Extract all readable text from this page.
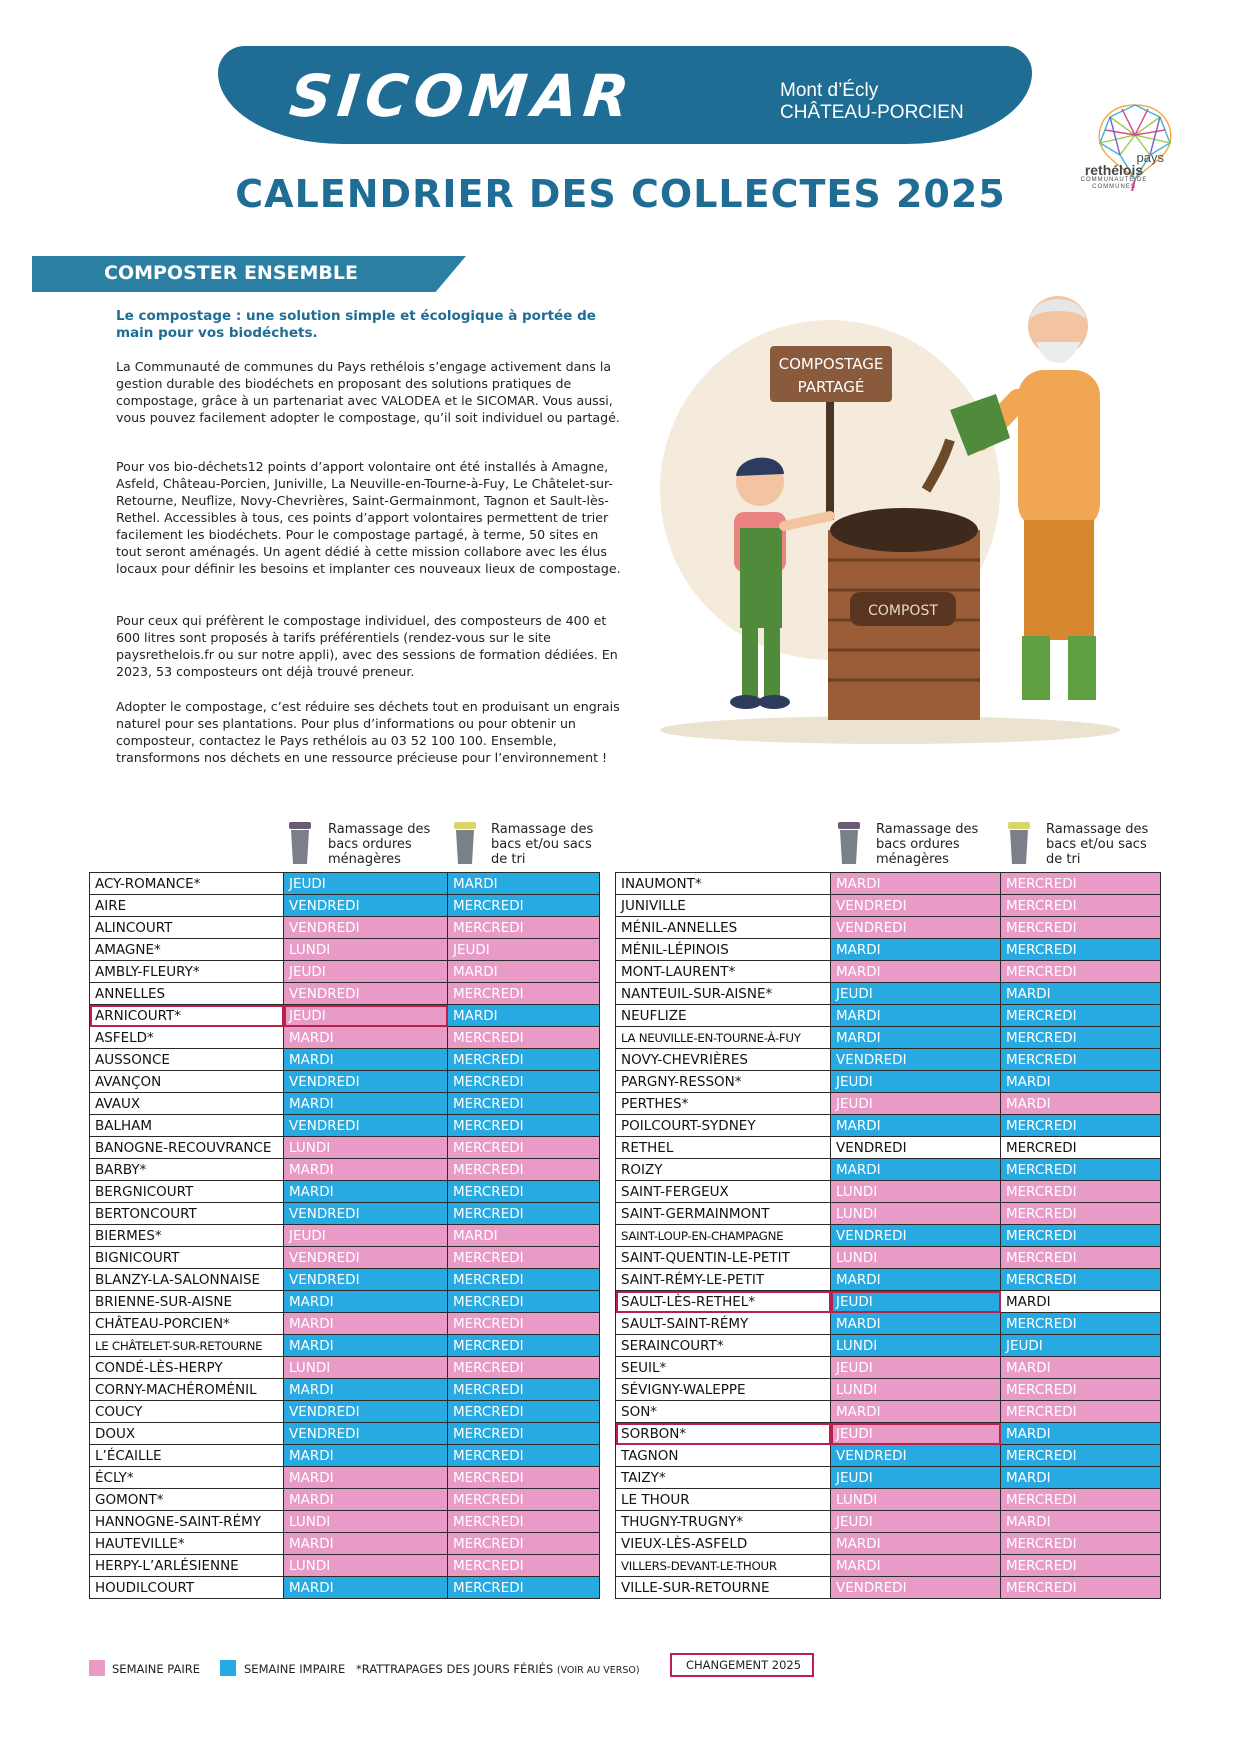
SICOMAR	Mont d’Écly
CHÂTEAU-PORCIEN
pays
rethélois
COMMUNAUTÉ DE COMMUNES
CALENDRIER DES COLLECTES 2025
COMPOSTER ENSEMBLE
Le compostage : une solution simple et écologique à portée de main pour vos biodéchets.
La Communauté de communes du Pays rethélois s’engage activement dans la gestion durable des biodéchets en proposant des solutions pratiques de compostage, grâce à un partenariat avec VALODEA et le SICOMAR. Vous aussi, vous pouvez facilement adopter le compostage, qu’il soit individuel ou partagé.
Pour vos bio-déchets12 points d’apport volontaire ont été installés à Amagne, Asfeld, Château-Porcien, Juniville, La Neuville-en-Tourne-à-Fuy, Le Châtelet-sur-Retourne, Neuflize, Novy-Chevrières, Saint-Germainmont, Tagnon et Sault-lès-Rethel. Accessibles à tous, ces points d’apport volontaires permettent de trier facilement les biodéchets. Pour le compostage partagé, à terme, 50 sites en tout seront aménagés. Un agent dédié à cette mission collabore avec les élus locaux pour définir les besoins et implanter ces nouveaux lieux de compostage.
Pour ceux qui préfèrent le compostage individuel, des composteurs de 400 et 600 litres sont proposés à tarifs préférentiels (rendez-vous sur le site paysrethelois.fr ou sur notre appli), avec des sessions de formation dédiées. En 2023, 53 composteurs ont déjà trouvé preneur.
Adopter le compostage, c’est réduire ses déchets tout en produisant un engrais naturel pour ses plantations. Pour plus d’informations ou pour obtenir un composteur, contactez le Pays rethélois au 03 52 100 100. Ensemble, transformons nos déchets en une ressource précieuse pour l’environnement !
COMPOSTAGE
PARTAGÉ
COMPOST
Ramassage des bacs ordures ménagères
Ramassage des bacs et/ou sacs de tri
Ramassage des bacs ordures ménagères
Ramassage des bacs et/ou sacs de tri
ACY-ROMANCE*	JEUDI	MARDI
AIRE	VENDREDI	MERCREDI
ALINCOURT	VENDREDI	MERCREDI
AMAGNE*	LUNDI	JEUDI
AMBLY-FLEURY*	JEUDI	MARDI
ANNELLES	VENDREDI	MERCREDI
ARNICOURT*	JEUDI	MARDI
ASFELD*	MARDI	MERCREDI
AUSSONCE	MARDI	MERCREDI
AVANÇON	VENDREDI	MERCREDI
AVAUX	MARDI	MERCREDI
BALHAM	VENDREDI	MERCREDI
BANOGNE-RECOUVRANCE	LUNDI	MERCREDI
BARBY*	MARDI	MERCREDI
BERGNICOURT	MARDI	MERCREDI
BERTONCOURT	VENDREDI	MERCREDI
BIERMES*	JEUDI	MARDI
BIGNICOURT	VENDREDI	MERCREDI
BLANZY-LA-SALONNAISE	VENDREDI	MERCREDI
BRIENNE-SUR-AISNE	MARDI	MERCREDI
CHÂTEAU-PORCIEN*	MARDI	MERCREDI
LE CHÂTELET-SUR-RETOURNE	MARDI	MERCREDI
CONDÉ-LÈS-HERPY	LUNDI	MERCREDI
CORNY-MACHÉROMÉNIL	MARDI	MERCREDI
COUCY	VENDREDI	MERCREDI
DOUX	VENDREDI	MERCREDI
L’ÉCAILLE	MARDI	MERCREDI
ÉCLY*	MARDI	MERCREDI
GOMONT*	MARDI	MERCREDI
HANNOGNE-SAINT-RÉMY	LUNDI	MERCREDI
HAUTEVILLE*	MARDI	MERCREDI
HERPY-L’ARLÉSIENNE	LUNDI	MERCREDI
HOUDILCOURT	MARDI	MERCREDI
INAUMONT*	MARDI	MERCREDI
JUNIVILLE	VENDREDI	MERCREDI
MÉNIL-ANNELLES	VENDREDI	MERCREDI
MÉNIL-LÉPINOIS	MARDI	MERCREDI
MONT-LAURENT*	MARDI	MERCREDI
NANTEUIL-SUR-AISNE*	JEUDI	MARDI
NEUFLIZE	MARDI	MERCREDI
LA NEUVILLE-EN-TOURNE-À-FUY	MARDI	MERCREDI
NOVY-CHEVRIÈRES	VENDREDI	MERCREDI
PARGNY-RESSON*	JEUDI	MARDI
PERTHES*	JEUDI	MARDI
POILCOURT-SYDNEY	MARDI	MERCREDI
RETHEL	VENDREDI	MERCREDI
ROIZY	MARDI	MERCREDI
SAINT-FERGEUX	LUNDI	MERCREDI
SAINT-GERMAINMONT	LUNDI	MERCREDI
SAINT-LOUP-EN-CHAMPAGNE	VENDREDI	MERCREDI
SAINT-QUENTIN-LE-PETIT	LUNDI	MERCREDI
SAINT-RÉMY-LE-PETIT	MARDI	MERCREDI
SAULT-LÈS-RETHEL*	JEUDI	MARDI
SAULT-SAINT-RÉMY	MARDI	MERCREDI
SERAINCOURT*	LUNDI	JEUDI
SEUIL*	JEUDI	MARDI
SÉVIGNY-WALEPPE	LUNDI	MERCREDI
SON*	MARDI	MERCREDI
SORBON*	JEUDI	MARDI
TAGNON	VENDREDI	MERCREDI
TAIZY*	JEUDI	MARDI
LE THOUR	LUNDI	MERCREDI
THUGNY-TRUGNY*	JEUDI	MARDI
VIEUX-LÈS-ASFELD	MARDI	MERCREDI
VILLERS-DEVANT-LE-THOUR	MARDI	MERCREDI
VILLE-SUR-RETOURNE	VENDREDI	MERCREDI
SEMAINE PAIRE	SEMAINE IMPAIRE *RATTRAPAGES DES JOURS FÉRIÉS (VOIR AU VERSO)	CHANGEMENT 2025
